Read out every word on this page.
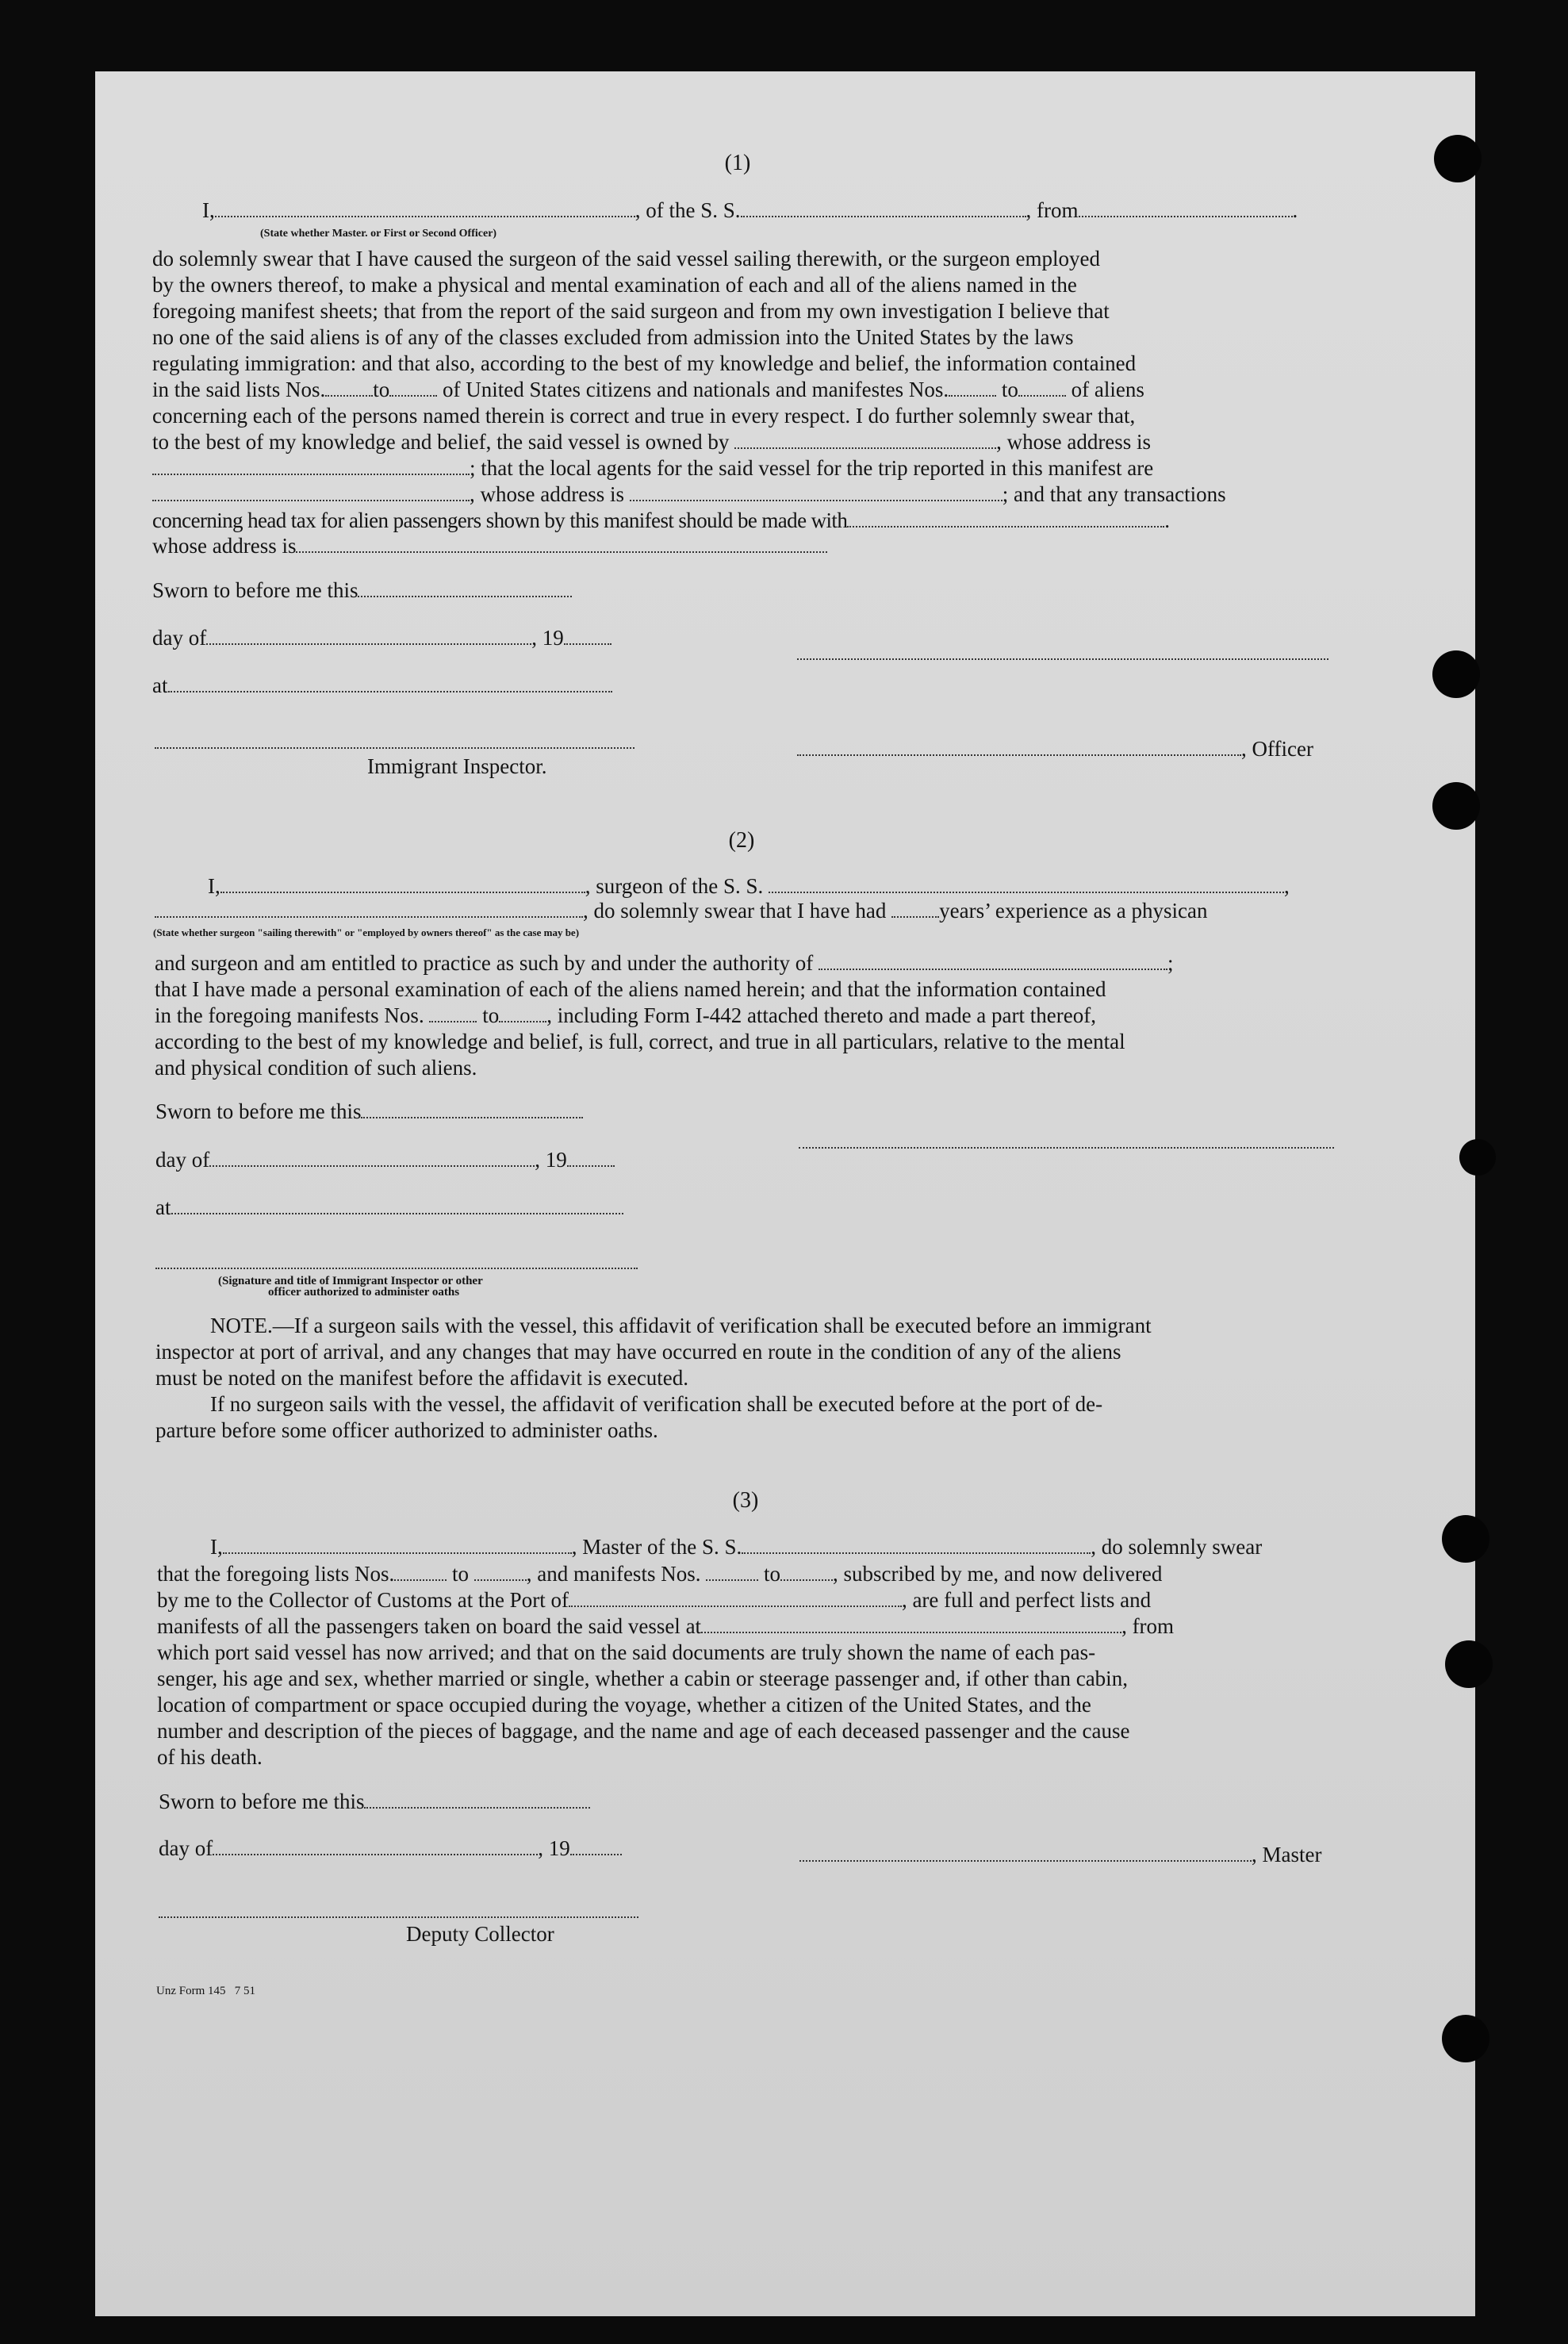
(1)
I,	, of the S. S.	, from	.
(State whether Master. or First or Second Officer)
do solemnly swear that I have caused the surgeon of the said vessel sailing therewith, or the surgeon employed
by the owners thereof, to make a physical and mental examination of each and all of the aliens named in the
foregoing manifest sheets; that from the report of the said surgeon and from my own investigation I believe that
no one of the said aliens is of any of the classes excluded from admission into the United States by the laws
regulating immigration: and that also, according to the best of my knowledge and belief, the information contained
in the said lists Nos. to of United States citizens and nationals and manifestes Nos. to of aliens
concerning each of the persons named therein is correct and true in every respect. I do further solemnly swear that,
to the best of my knowledge and belief, the said vessel is owned by	, whose address is
; that the local agents for the said vessel for the trip reported in this manifest are
, whose address is	; and that any transactions
concerning head tax for alien passengers shown by this manifest should be made with	.
whose address is
Sworn to before me this
day of	, 19
at
, Officer
Immigrant Inspector.
(2)
I,	, surgeon of the S. S.	,
, do solemnly swear that I have had years’ experience as a physican
(State whether surgeon "sailing therewith" or "employed by owners thereof" as the case may be)
and surgeon and am entitled to practice as such by and under the authority of	;
that I have made a personal examination of each of the aliens named herein; and that the information contained
in the foregoing manifests Nos.	to , including Form I-442 attached thereto and made a part thereof,
according to the best of my knowledge and belief, is full, correct, and true in all particulars, relative to the mental
and physical condition of such aliens.
Sworn to before me this
day of	, 19
at
(Signature and title of Immigrant Inspector or other
officer authorized to administer oaths
NOTE.—If a surgeon sails with the vessel, this affidavit of verification shall be executed before an immigrant
inspector at port of arrival, and any changes that may have occurred en route in the condition of any of the aliens
must be noted on the manifest before the affidavit is executed.
If no surgeon sails with the vessel, the affidavit of verification shall be executed before at the port of de-
parture before some officer authorized to administer oaths.
(3)
I,	, Master of the S. S.	, do solemnly swear
that the foregoing lists Nos.	to	, and manifests Nos.	to , subscribed by me, and now delivered
by me to the Collector of Customs at the Port of	, are full and perfect lists and
manifests of all the passengers taken on board the said vessel at	, from
which port said vessel has now arrived; and that on the said documents are truly shown the name of each pas-
senger, his age and sex, whether married or single, whether a cabin or steerage passenger and, if other than cabin,
location of compartment or space occupied during the voyage, whether a citizen of the United States, and the
number and description of the pieces of baggage, and the name and age of each deceased passenger and the cause
of his death.
Sworn to before me this
day of	, 19	, Master
Deputy Collector
Unz Form 145   7 51
